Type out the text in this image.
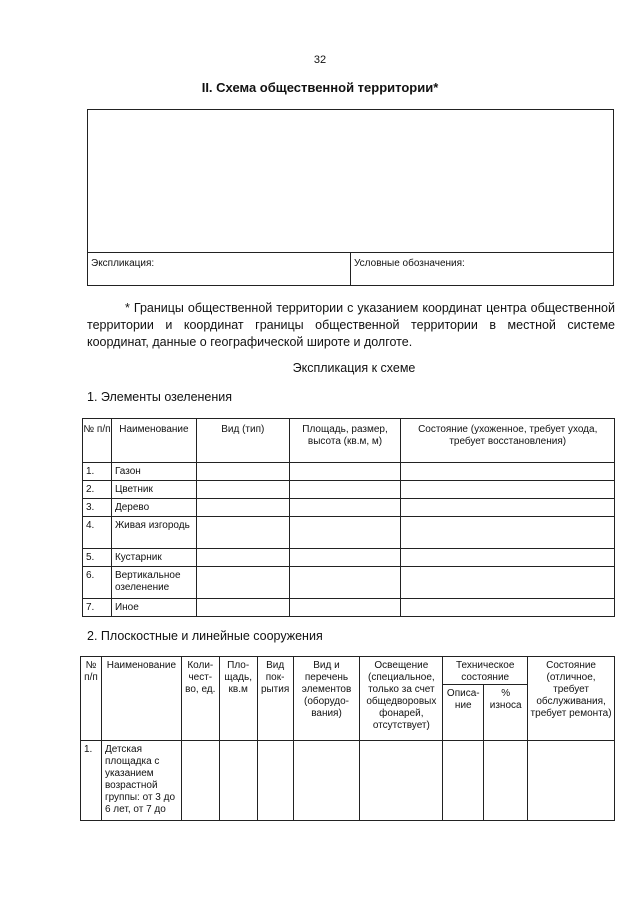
32
II. Схема общественной территории*
Экспликация:	Условные обозначения:
* Границы общественной территории с указанием координат центра общественной территории и координат границы общественной территории в местной системе координат, данные о географической широте и долготе.
Экспликация к схеме
1. Элементы озеленения
№ п/п	Наименование	Вид (тип)	Площадь, размер, высота (кв.м, м)	Состояние (ухоженное, требует ухода, требует восстановления)
1.	Газон			
2.	Цветник			
3.	Дерево			
4.	Живая изгородь			
5.	Кустарник			
6.	Вертикальное озеленение			
7.	Иное			
2. Плоскостные и линейные сооружения
№ п/п	Наименование	Коли-чест-во, ед.	Пло-щадь, кв.м	Вид пок-рытия	Вид и перечень элементов (оборудо-вания)	Освещение (специальное, только за счет общедворовых фонарей, отсутствует)	Техническое состояние		Состояние (отличное, требует обслуживания, требует ремонта)
							Описа-ние	% износа	
1.	Детская площадка с указанием возрастной группы: от 3 до 6 лет, от 7 до								
